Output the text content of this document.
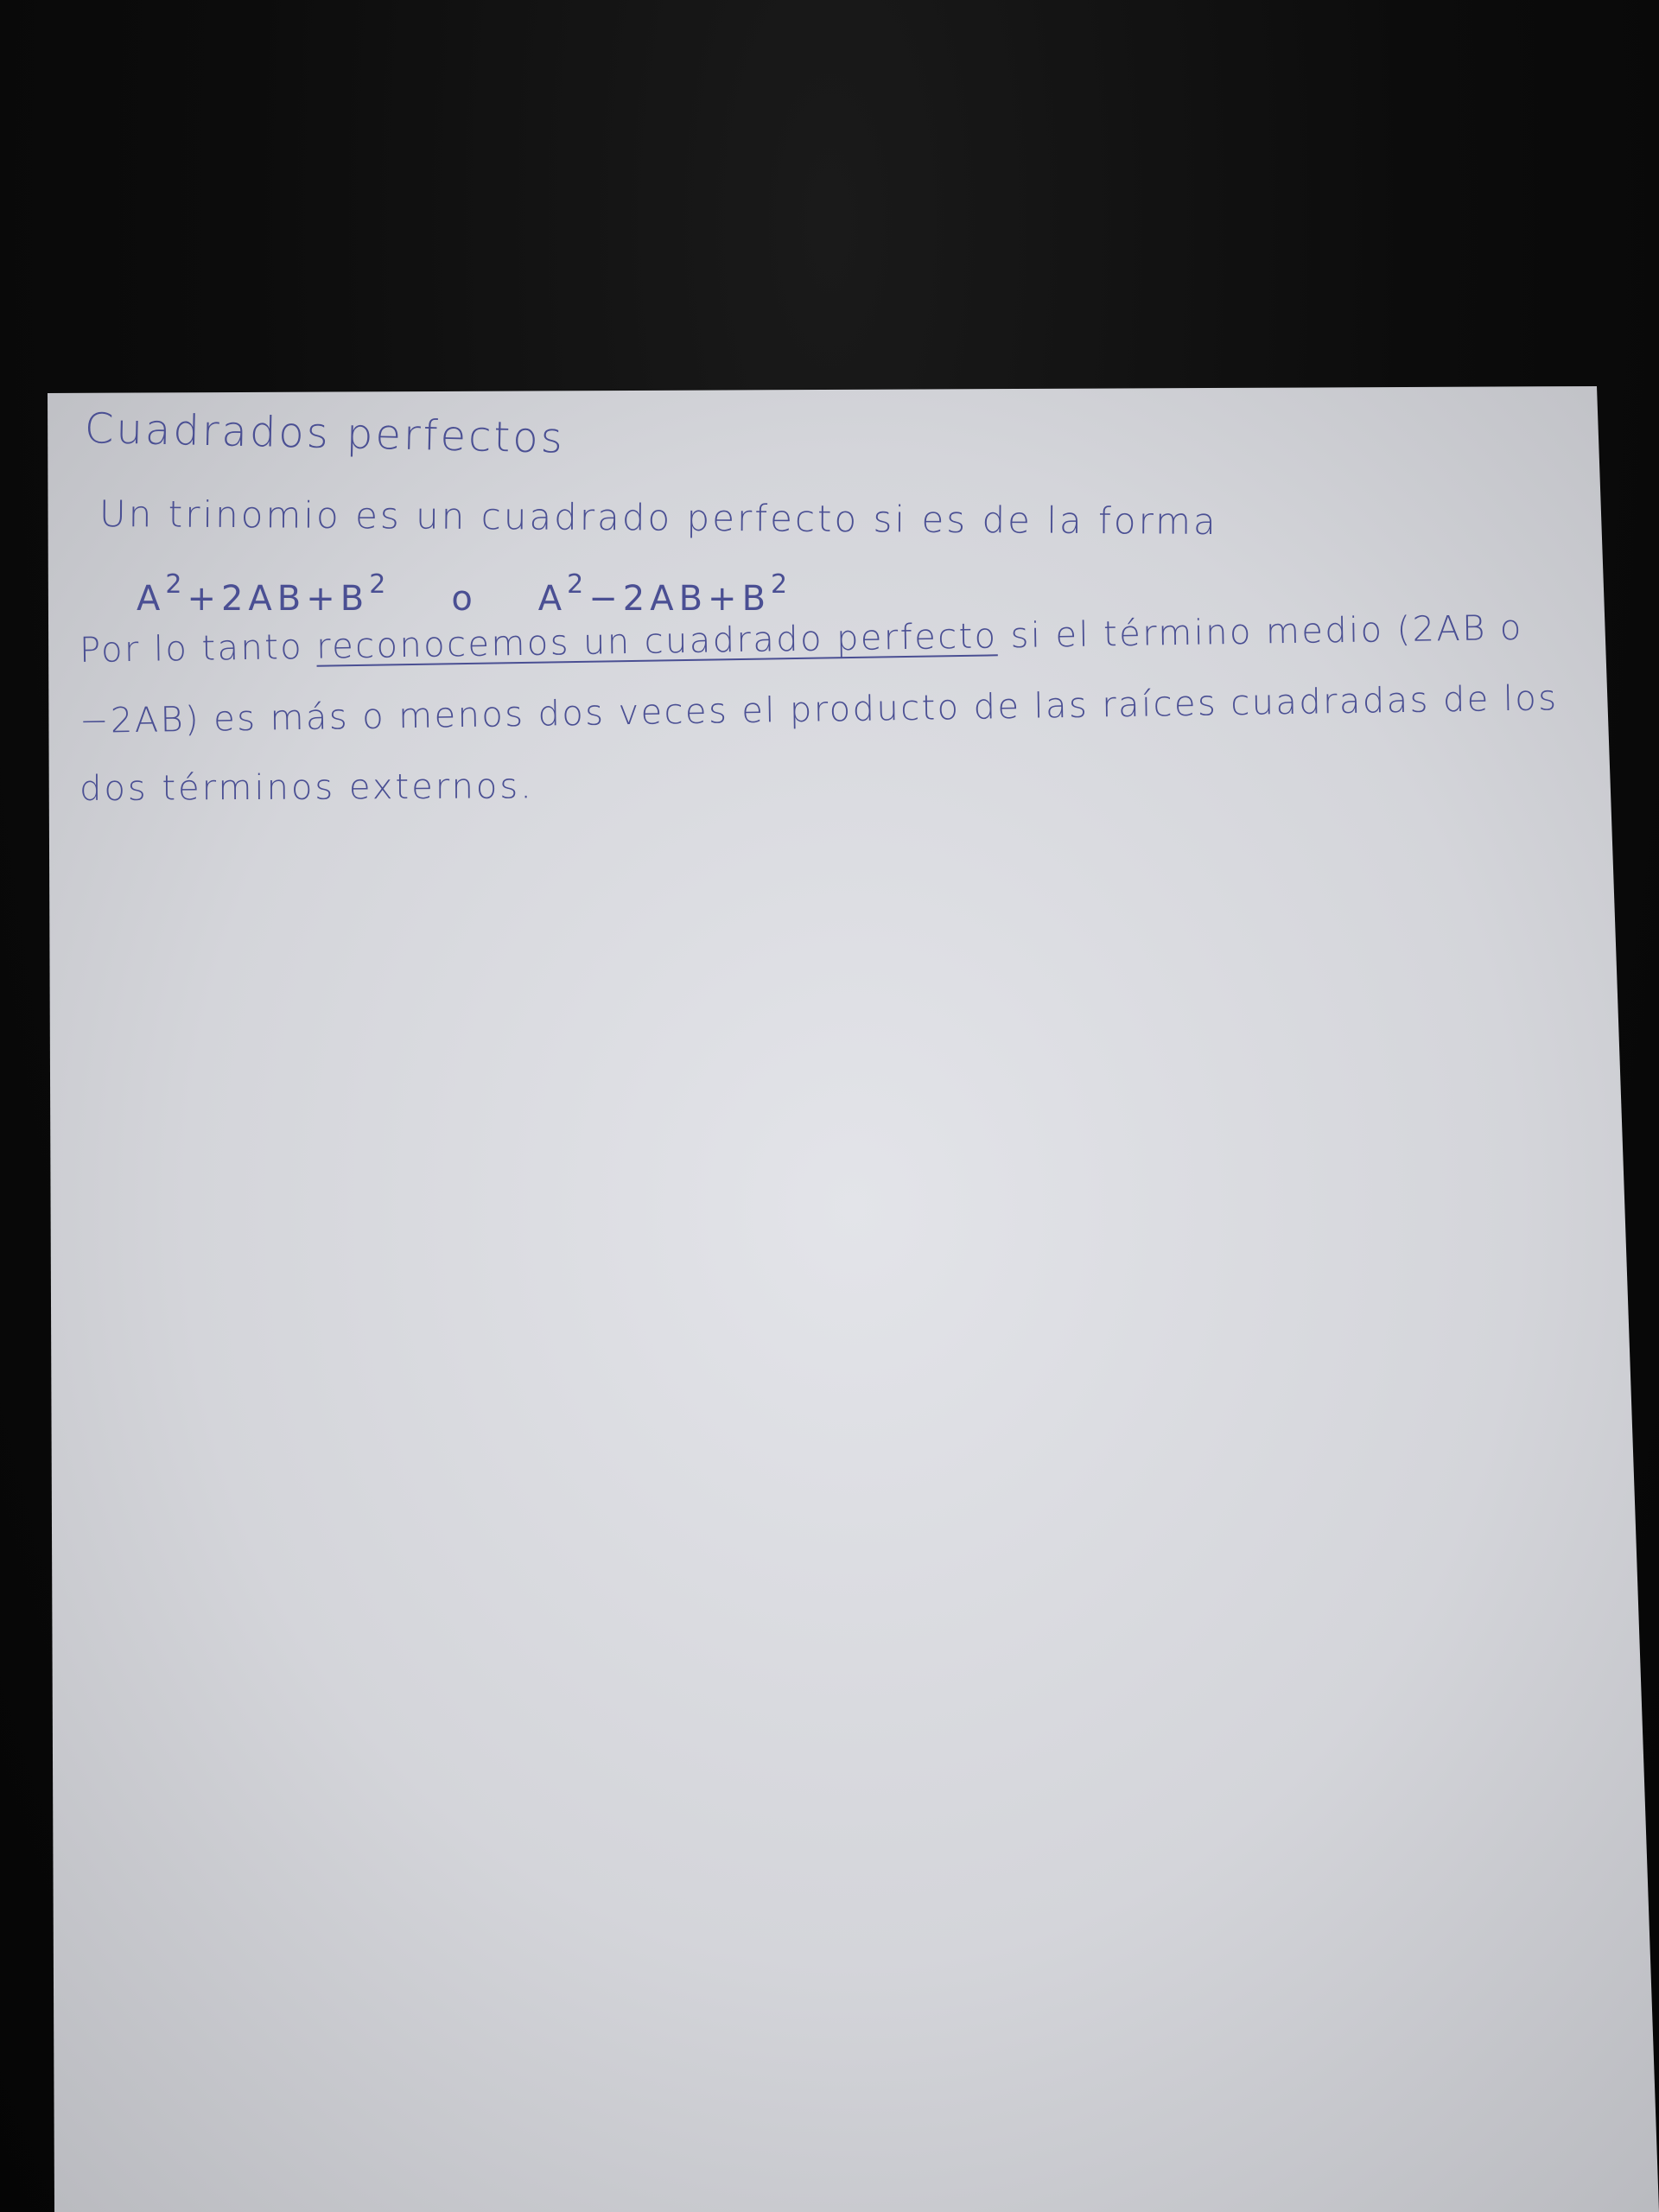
Cuadrados perfectos
Un trinomio es un cuadrado perfecto si es de la forma
$A^2+2AB+B^2$ o $A^2-2AB+B^2$
Por lo tanto reconocemos un cuadrado perfecto si el término medio (2AB o
−2AB) es más o menos dos veces el producto de las raíces cuadradas de los
dos términos externos.
